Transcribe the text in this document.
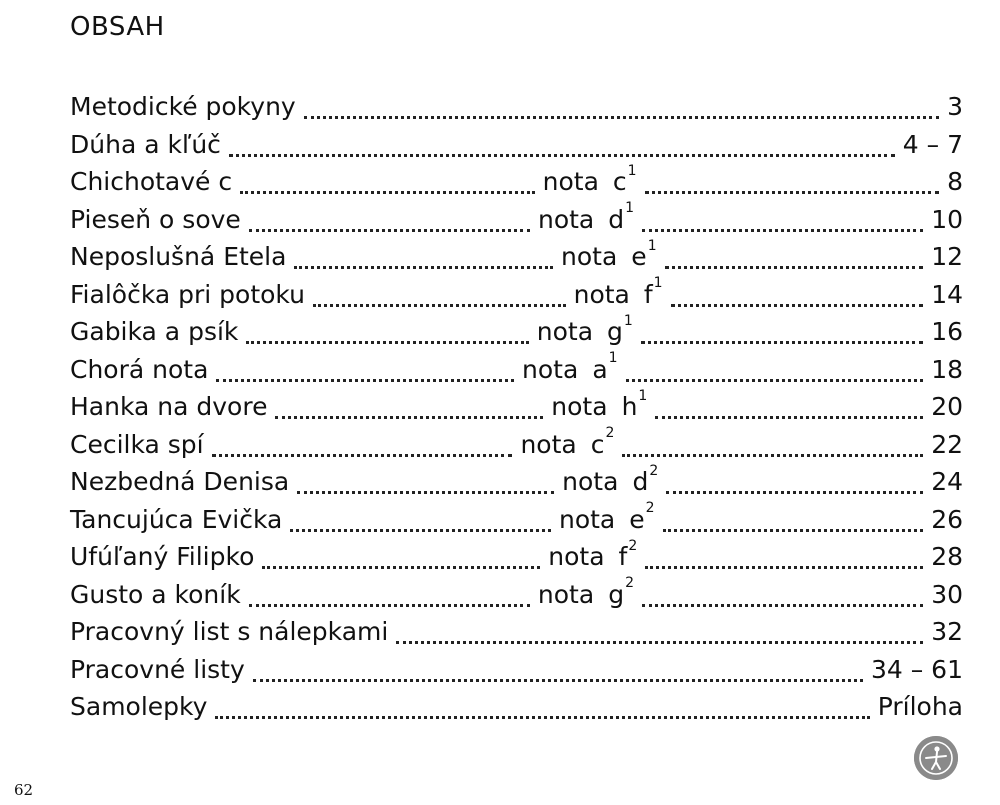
OBSAH
Metodické pokyny	3
Dúha a kľúč	4 – 7
Chichotavé c	nota c 1	8
Pieseň o sove	nota d 1	10
Neposlušná Etela	nota e 1	12
Fialôčka pri potoku	nota f 1	14
Gabika a psík	nota g 1	16
Chorá nota	nota a 1	18
Hanka na dvore	nota h 1	20
Cecilka spí	nota c 2	22
Nezbedná Denisa	nota d 2	24
Tancujúca Evička	nota e 2	26
Ufúľaný Filipko	nota f 2	28
Gusto a koník	nota g 2	30
Pracovný list s nálepkami	32
Pracovné listy	34 – 61
Samolepky	Príloha
62
